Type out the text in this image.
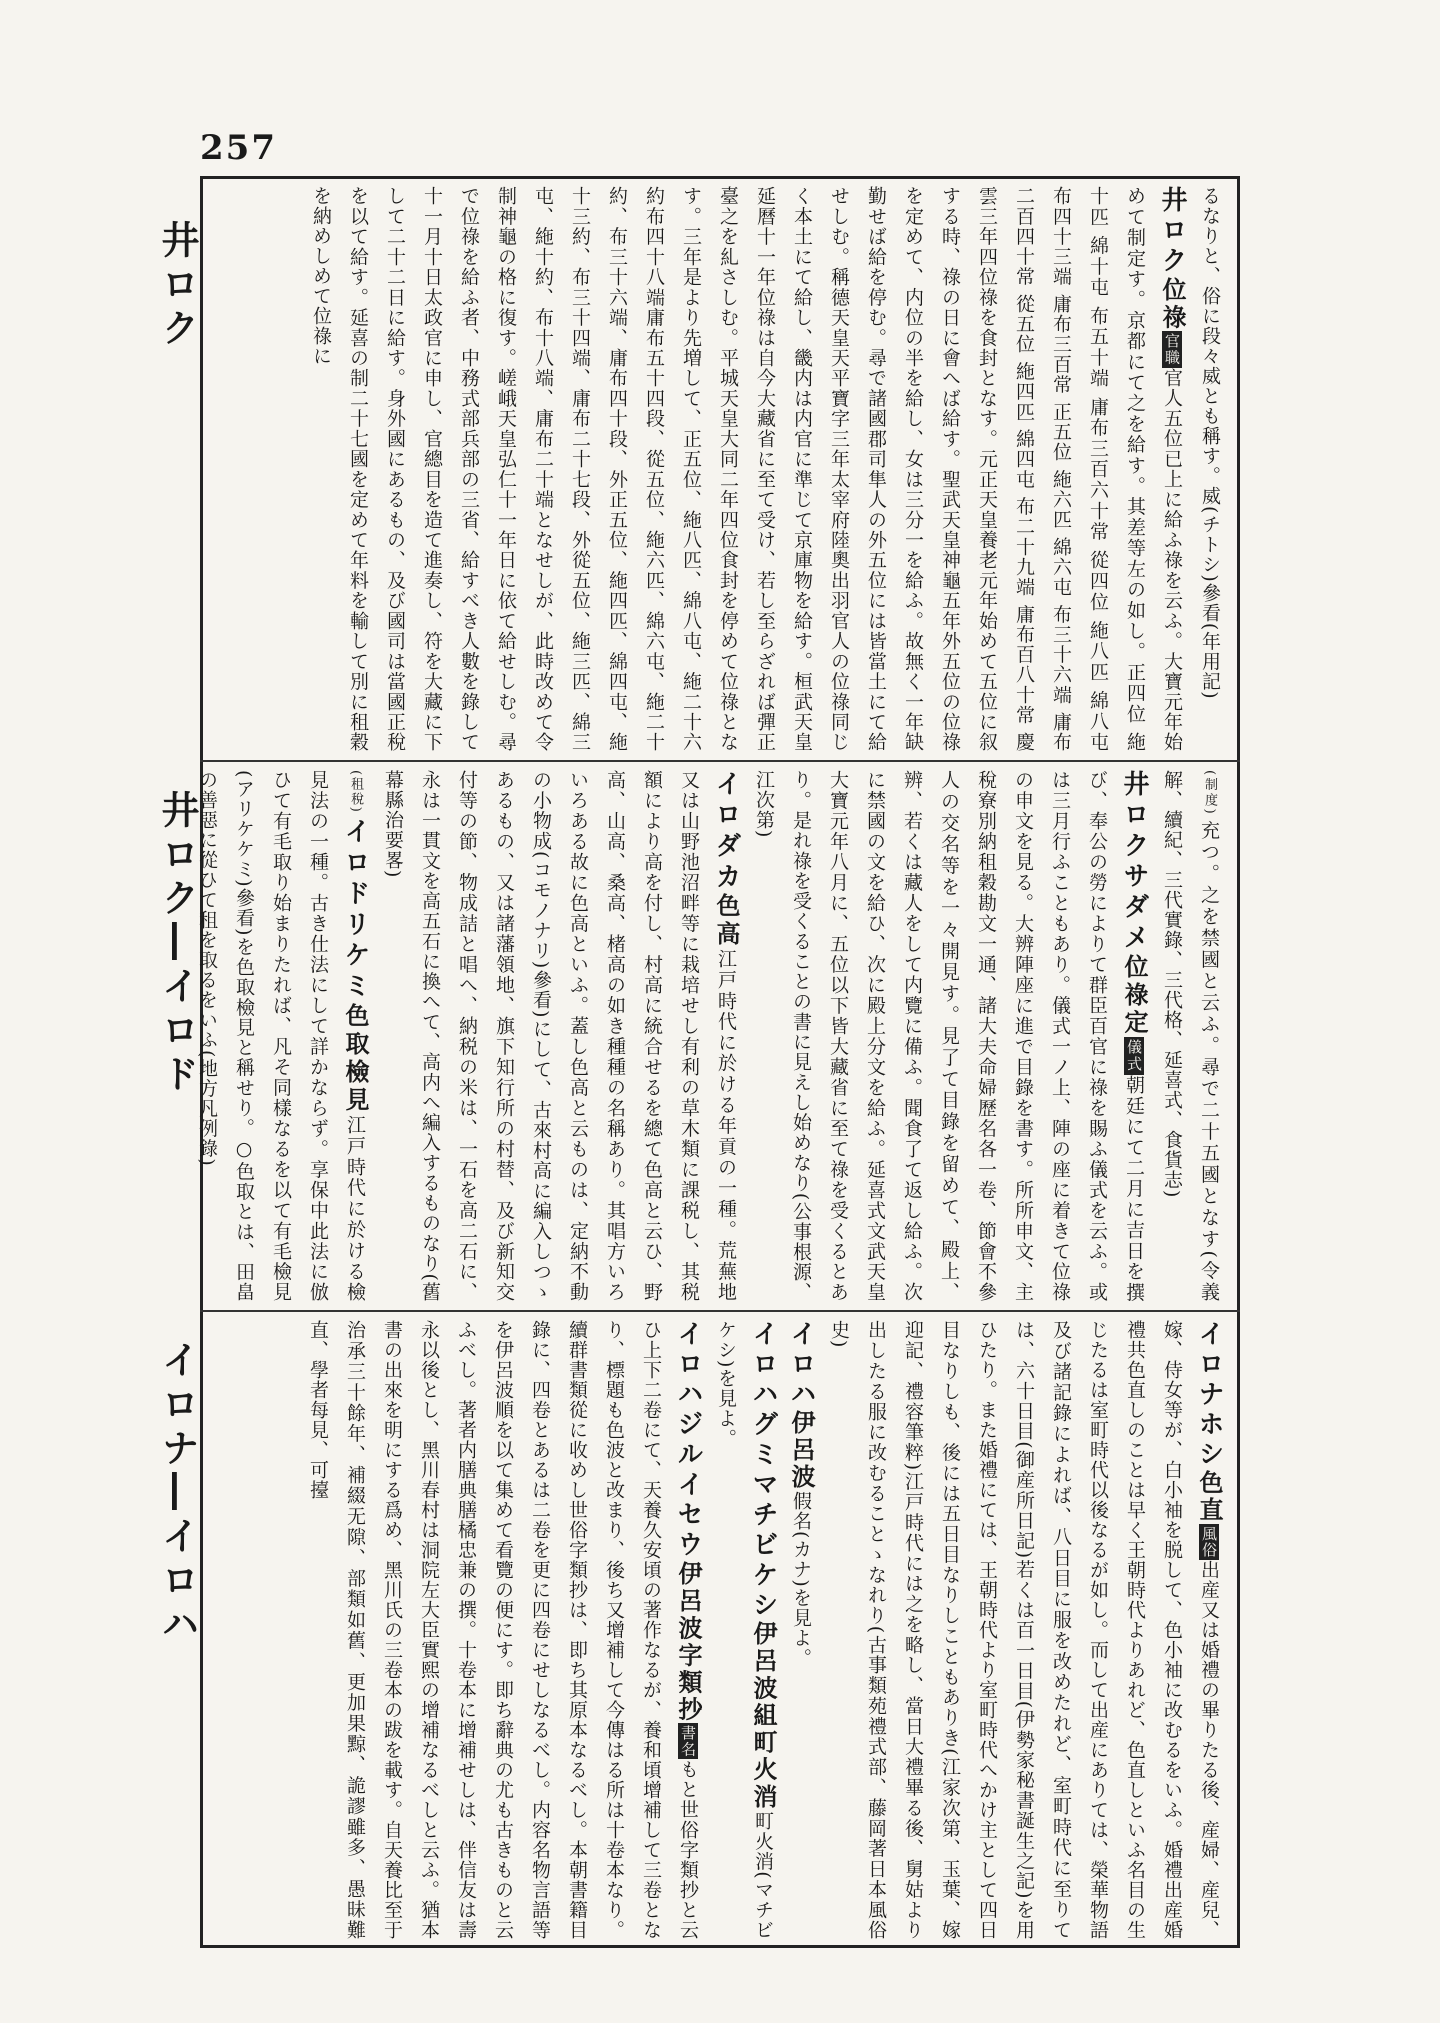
257
井ロク
井ロク―イロド
イロナ―イロハ

るなりと、俗に段々威とも稱す。威(チトシ)參看(年用記)

井ロク位祿官職官人五位已上に給ふ祿を云ふ。大寶元年始めて制定す。京都にて之を給す。其差等左の如し。正四位 絁十匹 綿十屯 布五十端 庸布三百六十常 從四位 絁八匹 綿八屯 布四十三端 庸布三百常 正五位 絁六匹 綿六屯 布三十六端 庸布二百四十常 從五位 絁四匹 綿四屯 布二十九端 庸布百八十常 慶雲三年四位祿を食封となす。元正天皇養老元年始めて五位に叙する時、祿の日に會へば給す。聖武天皇神龜五年外五位の位祿を定めて、内位の半を給し、女は三分一を給ふ。故無く一年缺勤せば給を停む。尋で諸國郡司隼人の外五位には皆當土にて給せしむ。稱德天皇天平寶字三年太宰府陸奧出羽官人の位祿同じく本土にて給し、畿内は内官に準じて京庫物を給す。桓武天皇延曆十一年位祿は自今大藏省に至て受け、若し至らざれば彈正臺之を糺さしむ。平城天皇大同二年四位食封を停めて位祿となす。三年是より先増して、正五位、絁八匹、綿八屯、絁二十六約布四十八端庸布五十四段、從五位、絁六匹、綿六屯、絁二十約、布三十六端、庸布四十段、外正五位、絁四匹、綿四屯、絁十三約、布三十四端、庸布二十七段、外從五位、絁三匹、綿三屯、絁十約、布十八端、庸布二十端となせしが、此時改めて令制神龜の格に復す。嵯峨天皇弘仁十一年日に依て給せしむ。尋で位祿を給ふ者、中務式部兵部の三省、給すべき人數を錄して十一月十日太政官に申し、官總目を造て進奏し、符を大藏に下して二十二日に給す。身外國にあるもの、及び國司は當國正稅を以て給す。延喜の制二十七國を定めて年料を輸して別に租穀を納めしめて位祿に

(制度)充つ。之を禁國と云ふ。尋で二十五國となす(令義解、續紀、三代實錄、三代格、延喜式、食貨志)

井ロクサダメ位祿定儀式朝廷にて二月に吉日を撰び、奉公の勞によりて群臣百官に祿を賜ふ儀式を云ふ。或は三月行ふこともあり。儀式一ノ上、陣の座に着きて位祿の申文を見る。大辨陣座に進で目錄を書す。所所申文、主稅寮別納租穀勘文一通、諸大夫命婦歷名各一卷、節會不參人の交名等を一々開見す。見了て目錄を留めて、殿上、辨、若くは藏人をして内覽に備ふ。聞食了て返し給ふ。次に禁國の文を給ひ、次に殿上分文を給ふ。延喜式文武天皇大寶元年八月に、五位以下皆大藏省に至て祿を受くるとあり。是れ祿を受くることの書に見えし始めなり(公事根源、江次第)

イロダカ色高江戸時代に於ける年貢の一種。荒蕪地又は山野池沼畔等に栽培せし有利の草木類に課税し、其税額により高を付し、村高に統合せるを總て色高と云ひ、野高、山高、桑高、楮高の如き種種の名稱あり。其唱方いろいろある故に色高といふ。蓋し色高と云ものは、定納不動の小物成(コモノナリ)參看)にして、古來村高に編入しつゝあるもの、又は諸藩領地、旗下知行所の村替、及び新知交付等の節、物成詰と唱へ、納税の米は、一石を高二石に、永は一貫文を高五石に換へて、高内へ編入するものなり(舊幕縣治要畧)

(租稅)イロドリケミ色取檢見江戸時代に於ける檢見法の一種。古き仕法にして詳かならず。享保中此法に倣ひて有毛取り始まりたれば、凡そ同樣なるを以て有毛檢見(アリケケミ)參看)を色取檢見と稱せり。○色取とは、田畠の善惡に從ひて租を取るをいふ(地方凡例錄)

イロナホシ色直風俗出産又は婚禮の畢りたる後、産婦、産兒、嫁、侍女等が、白小袖を脱して、色小袖に改むるをいふ。婚禮出産婚禮共色直しのことは早く王朝時代よりあれど、色直しといふ名目の生じたるは室町時代以後なるが如し。而して出産にありては、榮華物語及び諸記錄によれば、八日目に服を改めたれど、室町時代に至りては、六十日目(御産所日記)若くは百一日目(伊勢家秘書誕生之記)を用ひたり。また婚禮にては、王朝時代より室町時代へかけ主として四日目なりしも、後には五日目なりしこともありき(江家次第、玉葉、嫁迎記、禮容筆粹)江戸時代には之を略し、當日大禮畢る後、舅姑より出したる服に改むることゝなれり(古事類苑禮式部、藤岡著日本風俗史)

イロハ伊呂波假名(カナ)を見よ。

イロハグミマチビケシ伊呂波組町火消町火消(マチビケシ)を見よ。

イロハジルイセウ伊呂波字類抄書名もと世俗字類抄と云ひ上下二卷にて、天養久安頃の著作なるが、養和頃增補して三卷となり、標題も色波と改まり、後ち又增補して今傳はる所は十卷本なり。續群書類從に收めし世俗字類抄は、即ち其原本なるべし。本朝書籍目錄に、四卷とあるは二卷を更に四卷にせしなるべし。内容名物言語等を伊呂波順を以て集めて看覽の便にす。即ち辭典の尤も古きものと云ふべし。著者内膳典膳橘忠兼の撰。十卷本に增補せしは、伴信友は壽永以後とし、黑川春村は洞院左大臣實熙の增補なるべしと云ふ。猶本書の出來を明にする爲め、黑川氏の三卷本の跋を載す。自天養比至于治承三十餘年、補綴无隙、部類如舊、更加果黥、詭謬雖多、愚昧難直、學者每見、可擡
